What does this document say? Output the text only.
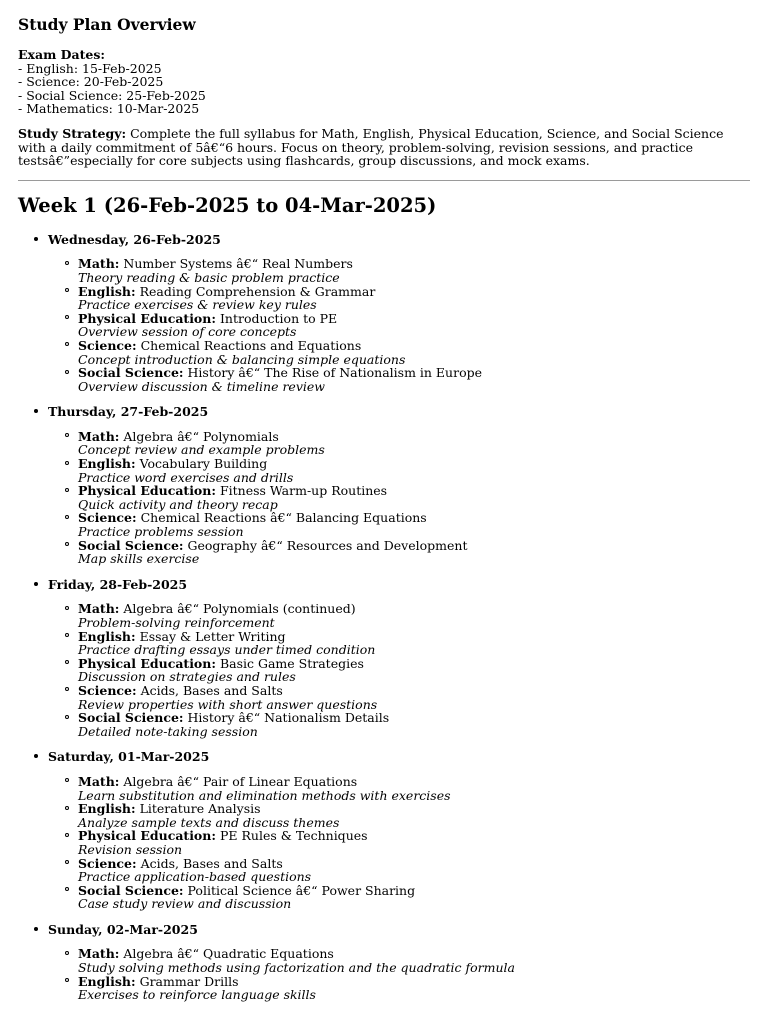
Study Plan Overview
Exam Dates:
- English: 15-Feb-2025
- Science: 20-Feb-2025
- Social Science: 25-Feb-2025
- Mathematics: 10-Mar-2025

Study Strategy: Complete the full syllabus for Math, English, Physical Education, Science, and Social Science with a daily commitment of 5â€“6 hours. Focus on theory, problem-solving, revision sessions, and practice testsâ€”especially for core subjects using flashcards, group discussions, and mock exams.

Week 1 (26-Feb-2025 to 04-Mar-2025)
Wednesday, 26-Feb-2025
Math: Number Systems â€“ Real Numbers
Theory reading & basic problem practice
English: Reading Comprehension & Grammar
Practice exercises & review key rules
Physical Education: Introduction to PE
Overview session of core concepts
Science: Chemical Reactions and Equations
Concept introduction & balancing simple equations
Social Science: History â€“ The Rise of Nationalism in Europe
Overview discussion & timeline review
Thursday, 27-Feb-2025
Math: Algebra â€“ Polynomials
Concept review and example problems
English: Vocabulary Building
Practice word exercises and drills
Physical Education: Fitness Warm-up Routines
Quick activity and theory recap
Science: Chemical Reactions â€“ Balancing Equations
Practice problems session
Social Science: Geography â€“ Resources and Development
Map skills exercise
Friday, 28-Feb-2025
Math: Algebra â€“ Polynomials (continued)
Problem-solving reinforcement
English: Essay & Letter Writing
Practice drafting essays under timed condition
Physical Education: Basic Game Strategies
Discussion on strategies and rules
Science: Acids, Bases and Salts
Review properties with short answer questions
Social Science: History â€“ Nationalism Details
Detailed note-taking session
Saturday, 01-Mar-2025
Math: Algebra â€“ Pair of Linear Equations
Learn substitution and elimination methods with exercises
English: Literature Analysis
Analyze sample texts and discuss themes
Physical Education: PE Rules & Techniques
Revision session
Science: Acids, Bases and Salts
Practice application-based questions
Social Science: Political Science â€“ Power Sharing
Case study review and discussion
Sunday, 02-Mar-2025
Math: Algebra â€“ Quadratic Equations
Study solving methods using factorization and the quadratic formula
English: Grammar Drills
Exercises to reinforce language skills
